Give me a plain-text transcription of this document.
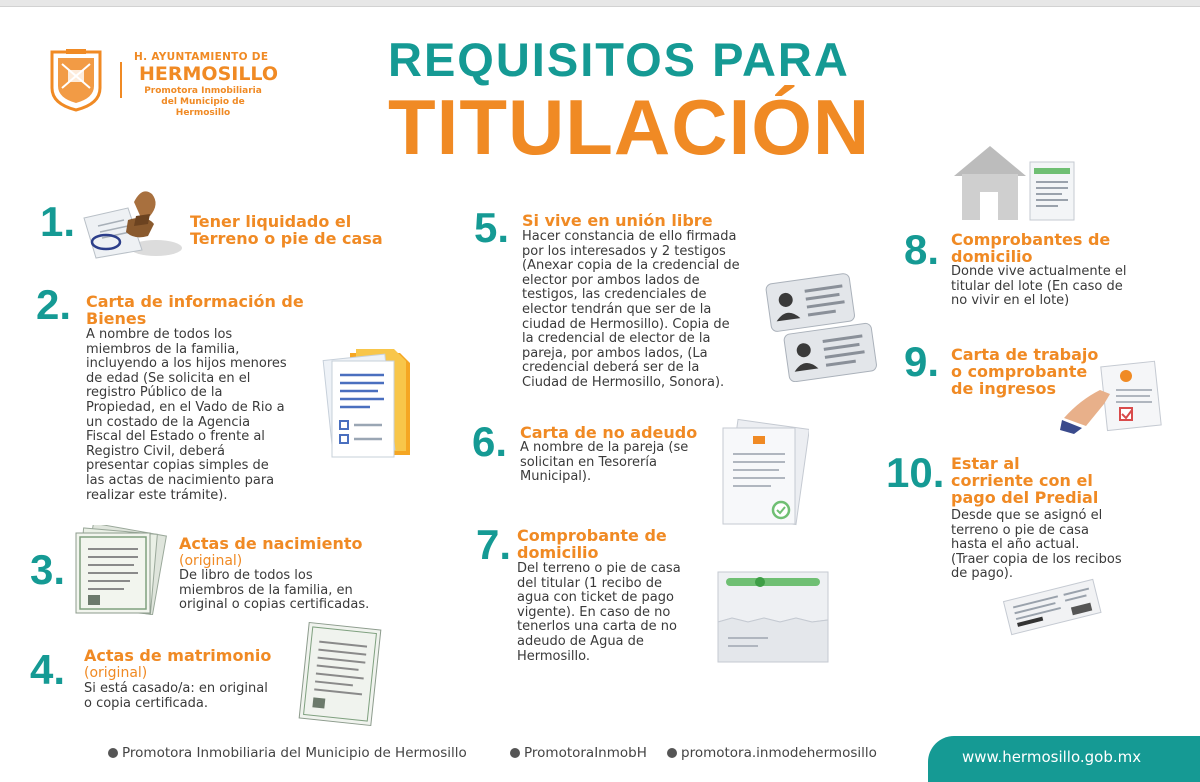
H. AYUNTAMIENTO DE
HERMOSILLO
Promotora Inmobiliaria
del Municipio de Hermosillo
REQUISITOS PARA
TITULACIÓN
1.	Tener liquidado el
Terreno o pie de casa
2. Carta de información de
Bienes
A nombre de todos los
miembros de la familia,
incluyendo a los hijos menores
de edad (Se solicita en el
registro Público de la
Propiedad, en el Vado de Rio a
un costado de la Agencia
Fiscal del Estado o frente al
Registro Civil, deberá
presentar copias simples de
las actas de nacimiento para
realizar este trámite).
3.
Actas de nacimiento
(original)
De libro de todos los
miembros de la familia, en
original o copias certificadas.
4. Actas de matrimonio
(original)
Si está casado/a: en original
o copia certificada.
5. Si vive en unión libre
Hacer constancia de ello firmada
por los interesados y 2 testigos
(Anexar copia de la credencial de
elector por ambos lados de
testigos, las credenciales de
elector tendrán que ser de la
ciudad de Hermosillo). Copia de
la credencial de elector de la
pareja, por ambos lados, (La
credencial deberá ser de la
Ciudad de Hermosillo, Sonora).
6. Carta de no adeudo
A nombre de la pareja (se
solicitan en Tesorería
Municipal).
7. Comprobante de
domicilio
Del terreno o pie de casa
del titular (1 recibo de
agua con ticket de pago
vigente). En caso de no
tenerlos una carta de no
adeudo de Agua de
Hermosillo.
8. Comprobantes de
domicilio
Donde vive actualmente el
titular del lote (En caso de
no vivir en el lote)
9. Carta de trabajo
o comprobante
de ingresos
10. Estar al
corriente con el
pago del Predial
Desde que se asignó el
terreno o pie de casa
hasta el año actual.
(Traer copia de los recibos
de pago).
Promotora Inmobiliaria del Municipio de Hermosillo	PromotoraInmobH	promotora.inmodehermosillo	www.hermosillo.gob.mx
